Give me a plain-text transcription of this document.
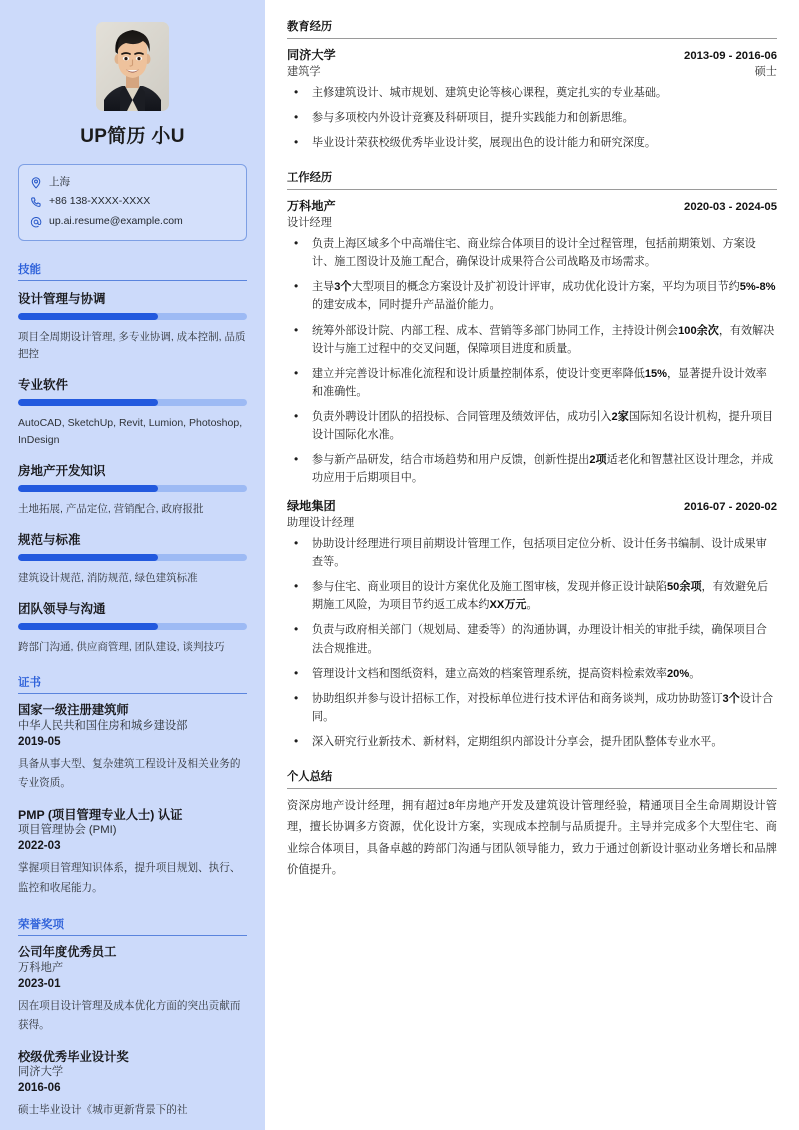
UP简历 小U
上海
+86 138-XXXX-XXXX
up.ai.resume@example.com
技能
设计管理与协调
项目全周期设计管理, 多专业协调, 成本控制, 品质把控
专业软件
AutoCAD, SketchUp, Revit, Lumion, Photoshop, InDesign
房地产开发知识
土地拓展, 产品定位, 营销配合, 政府报批
规范与标准
建筑设计规范, 消防规范, 绿色建筑标准
团队领导与沟通
跨部门沟通, 供应商管理, 团队建设, 谈判技巧
证书
国家一级注册建筑师
中华人民共和国住房和城乡建设部
2019-05
具备从事大型、复杂建筑工程设计及相关业务的专业资质。
PMP (项目管理专业人士) 认证
项目管理协会 (PMI)
2022-03
掌握项目管理知识体系，提升项目规划、执行、监控和收尾能力。
荣誉奖项
公司年度优秀员工
万科地产
2023-01
因在项目设计管理及成本优化方面的突出贡献而获得。
校级优秀毕业设计奖
同济大学
2016-06
硕士毕业设计《城市更新背景下的社
教育经历
同济大学	2013-09 - 2016-06
建筑学	硕士
• 主修建筑设计、城市规划、建筑史论等核心课程，奠定扎实的专业基础。
• 参与多项校内外设计竞赛及科研项目，提升实践能力和创新思维。
• 毕业设计荣获校级优秀毕业设计奖，展现出色的设计能力和研究深度。
工作经历
万科地产	2020-03 - 2024-05
设计经理
• 负责上海区域多个中高端住宅、商业综合体项目的设计全过程管理，包括前期策划、方案设计、施工图设计及施工配合，确保设计成果符合公司战略及市场需求。
• 主导3个大型项目的概念方案设计及扩初设计评审，成功优化设计方案，平均为项目节约5%-8%的建安成本，同时提升产品溢价能力。
• 统筹外部设计院、内部工程、成本、营销等多部门协同工作，主持设计例会100余次，有效解决设计与施工过程中的交叉问题，保障项目进度和质量。
• 建立并完善设计标准化流程和设计质量控制体系，使设计变更率降低15%，显著提升设计效率和准确性。
• 负责外聘设计团队的招投标、合同管理及绩效评估，成功引入2家国际知名设计机构，提升项目设计国际化水准。
• 参与新产品研发，结合市场趋势和用户反馈，创新性提出2项适老化和智慧社区设计理念，并成功应用于后期项目中。
绿地集团	2016-07 - 2020-02
助理设计经理
• 协助设计经理进行项目前期设计管理工作，包括项目定位分析、设计任务书编制、设计成果审查等。
• 参与住宅、商业项目的设计方案优化及施工图审核，发现并修正设计缺陷50余项，有效避免后期施工风险，为项目节约返工成本约XX万元。
• 负责与政府相关部门（规划局、建委等）的沟通协调，办理设计相关的审批手续，确保项目合法合规推进。
• 管理设计文档和图纸资料，建立高效的档案管理系统，提高资料检索效率20%。
• 协助组织并参与设计招标工作，对投标单位进行技术评估和商务谈判，成功协助签订3个设计合同。
• 深入研究行业新技术、新材料，定期组织内部设计分享会，提升团队整体专业水平。
个人总结

资深房地产设计经理，拥有超过8年房地产开发及建筑设计管理经验，精通项目全生命周期设计管理，擅长协调多方资源，优化设计方案，实现成本控制与品质提升。主导并完成多个大型住宅、商业综合体项目，具备卓越的跨部门沟通与团队领导能力，致力于通过创新设计驱动业务增长和品牌价值提升。
